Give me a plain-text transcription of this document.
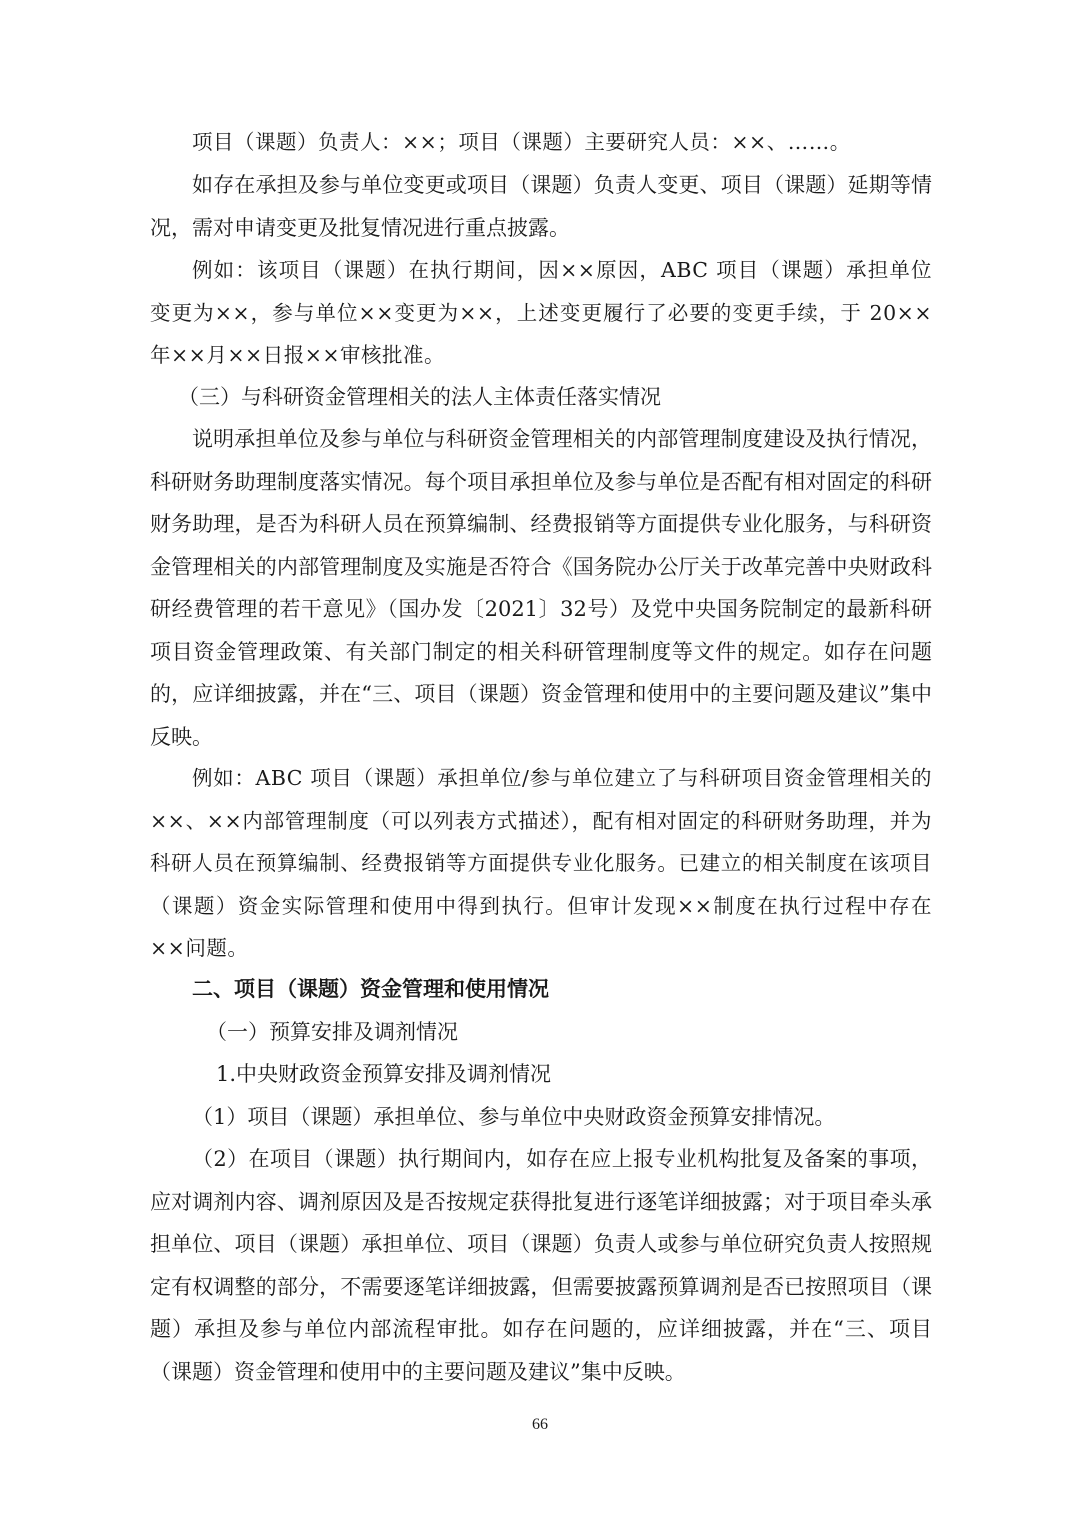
项目（课题）负责人：××；项目（课题）主要研究人员：××、……。

如存在承担及参与单位变更或项目（课题）负责人变更、项目（课题）延期等情况，需对申请变更及批复情况进行重点披露。

例如：该项目（课题）在执行期间，因××原因，ABC 项目（课题）承担单位变更为××，参与单位××变更为××，上述变更履行了必要的变更手续，于 20××年××月××日报××审核批准。

（三）与科研资金管理相关的法人主体责任落实情况

说明承担单位及参与单位与科研资金管理相关的内部管理制度建设及执行情况，科研财务助理制度落实情况。每个项目承担单位及参与单位是否配有相对固定的科研财务助理，是否为科研人员在预算编制、经费报销等方面提供专业化服务，与科研资金管理相关的内部管理制度及实施是否符合《国务院办公厅关于改革完善中央财政科研经费管理的若干意见》（国办发〔2021〕32号）及党中央国务院制定的最新科研项目资金管理政策、有关部门制定的相关科研管理制度等文件的规定。如存在问题的，应详细披露，并在“三、项目（课题）资金管理和使用中的主要问题及建议”集中反映。

例如：ABC 项目（课题）承担单位/参与单位建立了与科研项目资金管理相关的××、××内部管理制度（可以列表方式描述），配有相对固定的科研财务助理，并为科研人员在预算编制、经费报销等方面提供专业化服务。已建立的相关制度在该项目（课题）资金实际管理和使用中得到执行。但审计发现××制度在执行过程中存在××问题。

二、项目（课题）资金管理和使用情况

（一）预算安排及调剂情况

1.中央财政资金预算安排及调剂情况

（1）项目（课题）承担单位、参与单位中央财政资金预算安排情况。

（2）在项目（课题）执行期间内，如存在应上报专业机构批复及备案的事项，应对调剂内容、调剂原因及是否按规定获得批复进行逐笔详细披露；对于项目牵头承担单位、项目（课题）承担单位、项目（课题）负责人或参与单位研究负责人按照规定有权调整的部分，不需要逐笔详细披露，但需要披露预算调剂是否已按照项目（课题）承担及参与单位内部流程审批。如存在问题的，应详细披露，并在“三、项目（课题）资金管理和使用中的主要问题及建议”集中反映。

66
